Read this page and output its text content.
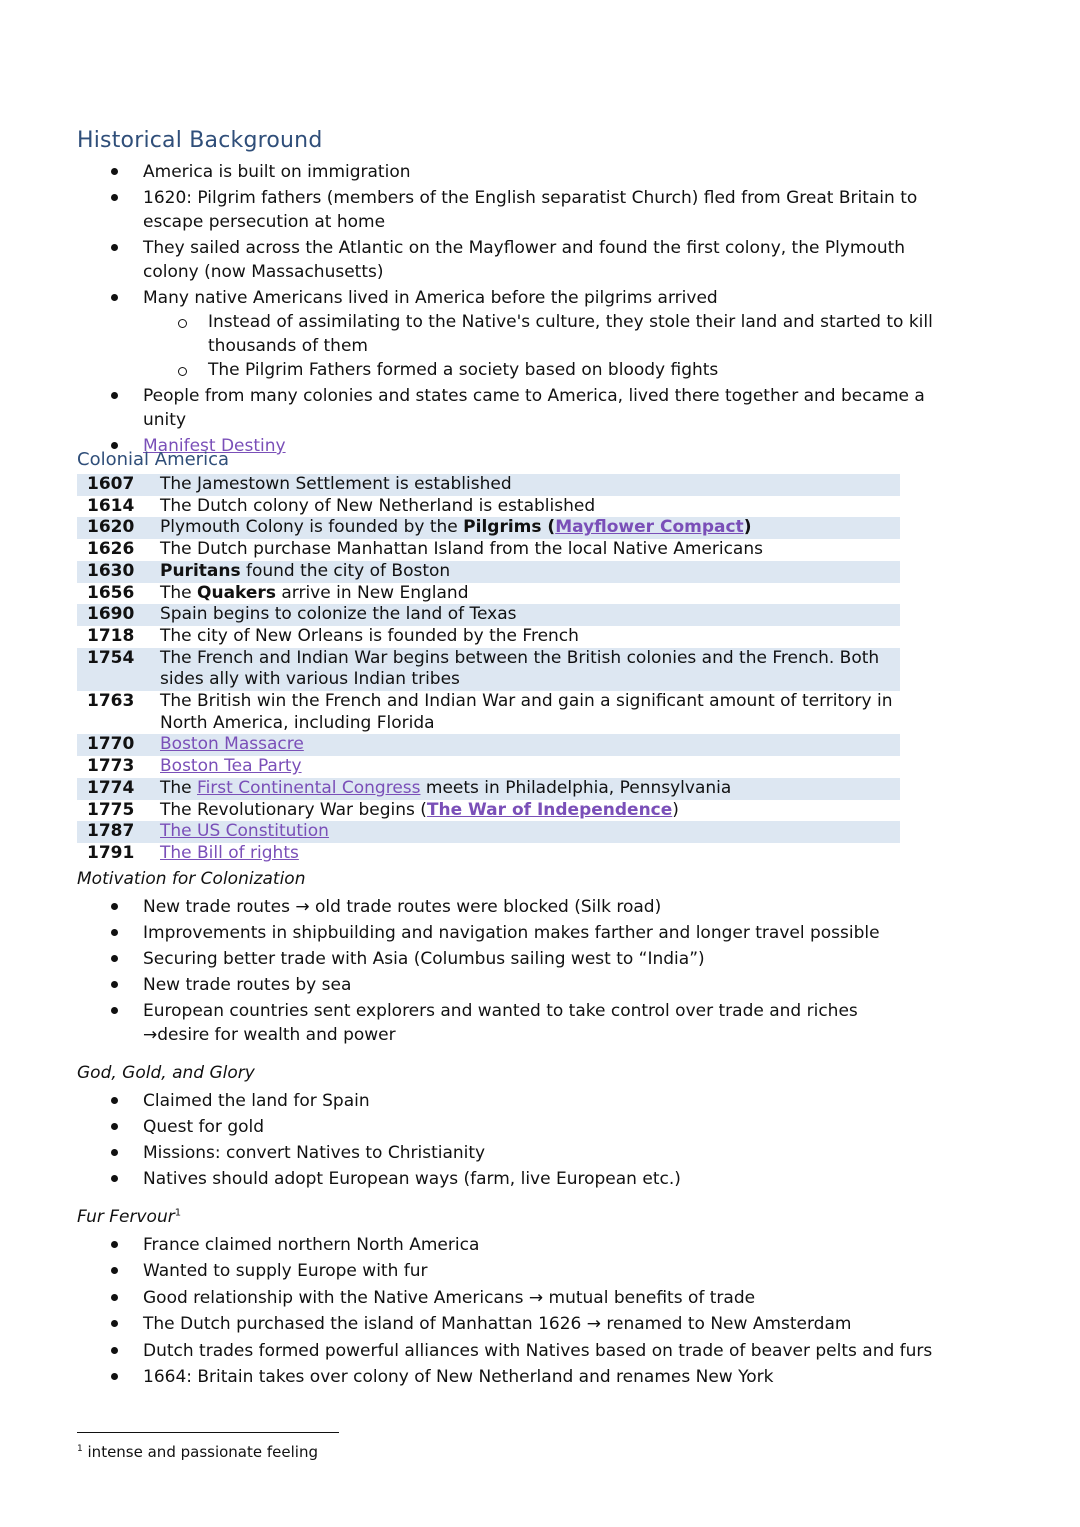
Historical Background
America is built on immigration
1620: Pilgrim fathers (members of the English separatist Church) fled from Great Britain to escape persecution at home
They sailed across the Atlantic on the Mayflower and found the first colony, the Plymouth colony (now Massachusetts)
Many native Americans lived in America before the pilgrims arrived
Instead of assimilating to the Native's culture, they stole their land and started to kill thousands of them
The Pilgrim Fathers formed a society based on bloody fights
People from many colonies and states came to America, lived there together and became a unity
Manifest Destiny
Colonial America
1607	The Jamestown Settlement is established
1614	The Dutch colony of New Netherland is established
1620	Plymouth Colony is founded by the Pilgrims (Mayflower Compact)
1626	The Dutch purchase Manhattan Island from the local Native Americans
1630	Puritans found the city of Boston
1656	The Quakers arrive in New England
1690	Spain begins to colonize the land of Texas
1718	The city of New Orleans is founded by the French
1754	The French and Indian War begins between the British colonies and the French. Both sides ally with various Indian tribes
1763	The British win the French and Indian War and gain a significant amount of territory in North America, including Florida
1770	Boston Massacre
1773	Boston Tea Party
1774	The First Continental Congress meets in Philadelphia, Pennsylvania
1775	The Revolutionary War begins (The War of Independence)
1787	The US Constitution
1791	The Bill of rights
Motivation for Colonization
New trade routes → old trade routes were blocked (Silk road)
Improvements in shipbuilding and navigation makes farther and longer travel possible
Securing better trade with Asia (Columbus sailing west to “India”)
New trade routes by sea
European countries sent explorers and wanted to take control over trade and riches
→desire for wealth and power
God, Gold, and Glory
Claimed the land for Spain
Quest for gold
Missions: convert Natives to Christianity
Natives should adopt European ways (farm, live European etc.)
Fur Fervour$^1$
France claimed northern North America
Wanted to supply Europe with fur
Good relationship with the Native Americans → mutual benefits of trade
The Dutch purchased the island of Manhattan 1626 → renamed to New Amsterdam
Dutch trades formed powerful alliances with Natives based on trade of beaver pelts and furs
1664: Britain takes over colony of New Netherland and renames New York
$^1$ intense and passionate feeling
